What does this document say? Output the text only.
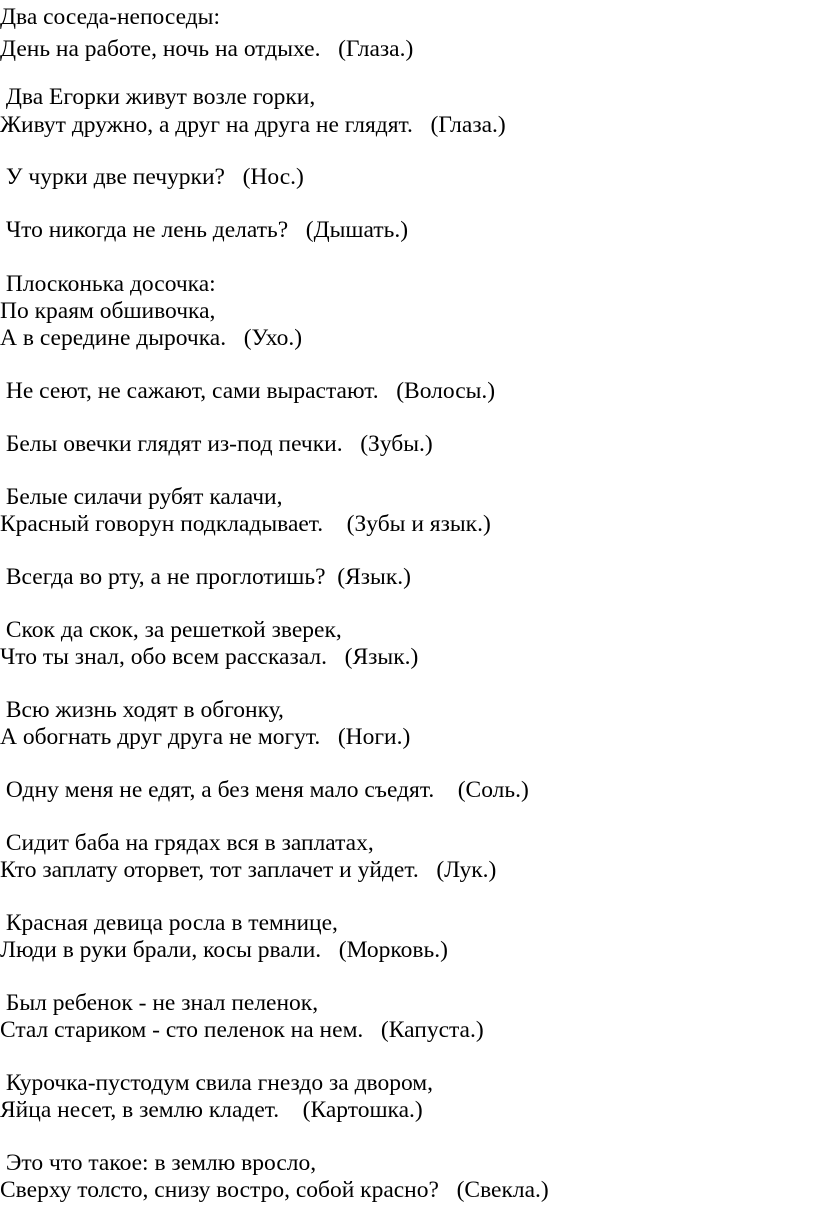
Два соседа-непоседы:
День на работе, ночь на отдыхе.   (Глаза.)
Два Егорки живут возле горки,
Живут дружно, а друг на друга не глядят.   (Глаза.)
У чурки две печурки?   (Нос.)
Что никогда не лень делать?   (Дышать.)
Плосконька досочка:
По краям обшивочка,
А в середине дырочка.   (Ухо.)
Не сеют, не сажают, сами вырастают.   (Волосы.)
Белы овечки глядят из-под печки.   (Зубы.)
Белые силачи рубят калачи,
Красный говорун подкладывает.    (Зубы и язык.)
Всегда во рту, а не проглотишь?  (Язык.)
Скок да скок, за решеткой зверек,
Что ты знал, обо всем рассказал.   (Язык.)
Всю жизнь ходят в обгонку,
А обогнать друг друга не могут.   (Ноги.)
Одну меня не едят, а без меня мало съедят.    (Соль.)
Сидит баба на грядах вся в заплатах,
Кто заплату оторвет, тот заплачет и уйдет.   (Лук.)
Красная девица росла в темнице,
Люди в руки брали, косы рвали.   (Морковь.)
Был ребенок - не знал пеленок,
Стал стариком - сто пеленок на нем.   (Капуста.)
Курочка-пустодум свила гнездо за двором,
Яйца несет, в землю кладет.    (Картошка.)
Это что такое: в землю вросло,
Сверху толсто, снизу востро, собой красно?   (Свекла.)
